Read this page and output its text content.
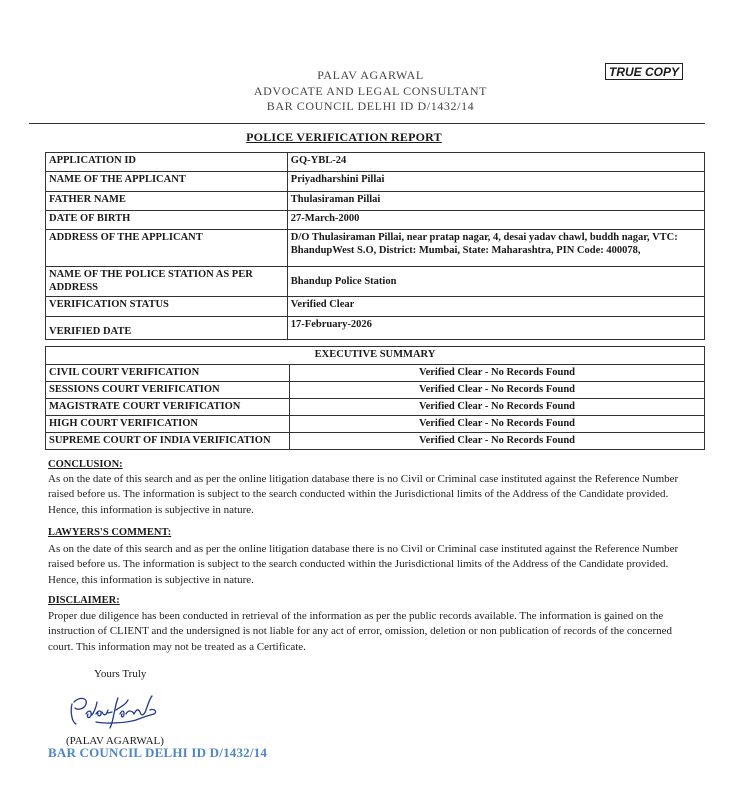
TRUE COPY
PALAV AGARWAL
ADVOCATE AND LEGAL CONSULTANT
BAR COUNCIL DELHI ID D/1432/14
POLICE VERIFICATION REPORT
APPLICATION ID	GQ-YBL-24
NAME OF THE APPLICANT	Priyadharshini Pillai
FATHER NAME	Thulasiraman Pillai
DATE OF BIRTH	27-March-2000
ADDRESS OF THE APPLICANT	D/O Thulasiraman Pillai, near pratap nagar, 4, desai yadav chawl, buddh nagar, VTC: BhandupWest S.O, District: Mumbai, State: Maharashtra, PIN Code: 400078,
NAME OF THE POLICE STATION AS PER ADDRESS	Bhandup Police Station
VERIFICATION STATUS	Verified Clear
VERIFIED DATE	17-February-2026
EXECUTIVE SUMMARY	
CIVIL COURT VERIFICATION	Verified Clear - No Records Found
SESSIONS COURT VERIFICATION	Verified Clear - No Records Found
MAGISTRATE COURT VERIFICATION	Verified Clear - No Records Found
HIGH COURT VERIFICATION	Verified Clear - No Records Found
SUPREME COURT OF INDIA VERIFICATION	Verified Clear - No Records Found
CONCLUSION:
As on the date of this search and as per the online litigation database there is no Civil or Criminal case instituted against the Reference Number raised before us. The information is subject to the search conducted within the Jurisdictional limits of the Address of the Candidate provided. Hence, this information is subjective in nature.
LAWYERS'S COMMENT:
As on the date of this search and as per the online litigation database there is no Civil or Criminal case instituted against the Reference Number raised before us. The information is subject to the search conducted within the Jurisdictional limits of the Address of the Candidate provided. Hence, this information is subjective in nature.
DISCLAIMER:
Proper due diligence has been conducted in retrieval of the information as per the public records available. The information is gained on the instruction of CLIENT and the undersigned is not liable for any act of error, omission, deletion or non publication of records of the concerned court. This information may not be treated as a Certificate.
Yours Truly
(PALAV AGARWAL)
BAR COUNCIL DELHI ID D/1432/14
